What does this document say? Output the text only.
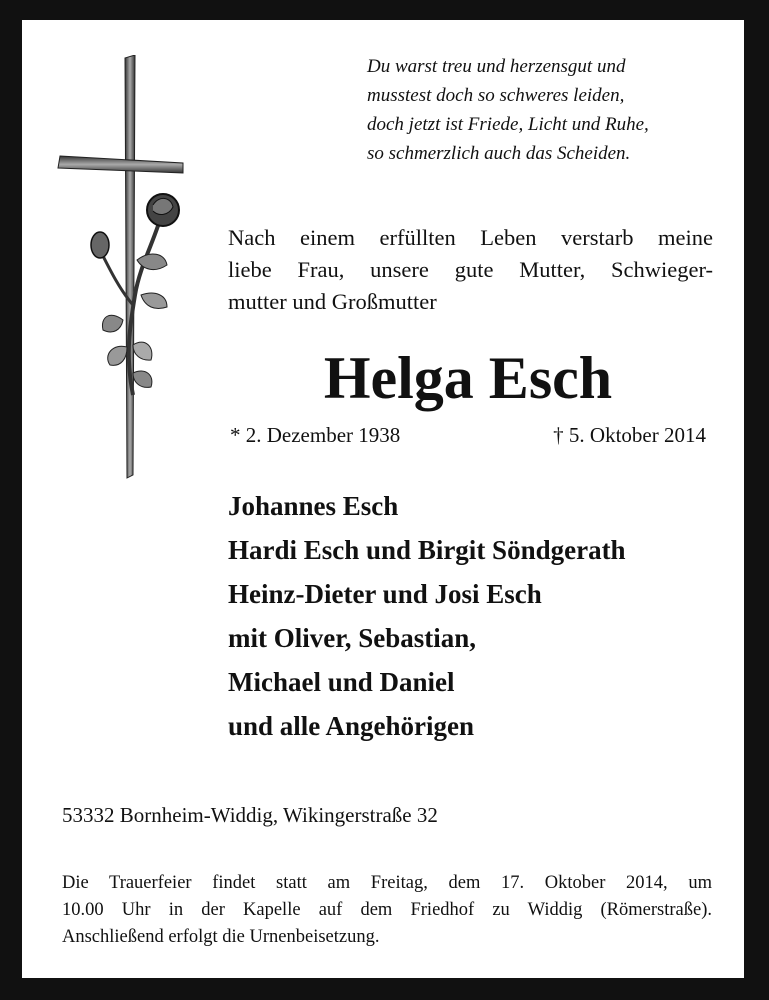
Du warst treu und herzensgut und
musstest doch so schweres leiden,
doch jetzt ist Friede, Licht und Ruhe,
so schmerzlich auch das Scheiden.
Nach einem erfüllten Leben verstarb meine
liebe Frau, unsere gute Mutter, Schwieger-
mutter und Großmutter
Helga Esch
* 2. Dezember 1938	† 5. Oktober 2014
Johannes Esch
Hardi Esch und Birgit Söndgerath
Heinz-Dieter und Josi Esch
mit Oliver, Sebastian,
Michael und Daniel
und alle Angehörigen
53332 Bornheim-Widdig, Wikingerstraße 32
Die Trauerfeier findet statt am Freitag, dem 17. Oktober 2014, um
10.00 Uhr in der Kapelle auf dem Friedhof zu Widdig (Römerstraße).
Anschließend erfolgt die Urnenbeisetzung.
